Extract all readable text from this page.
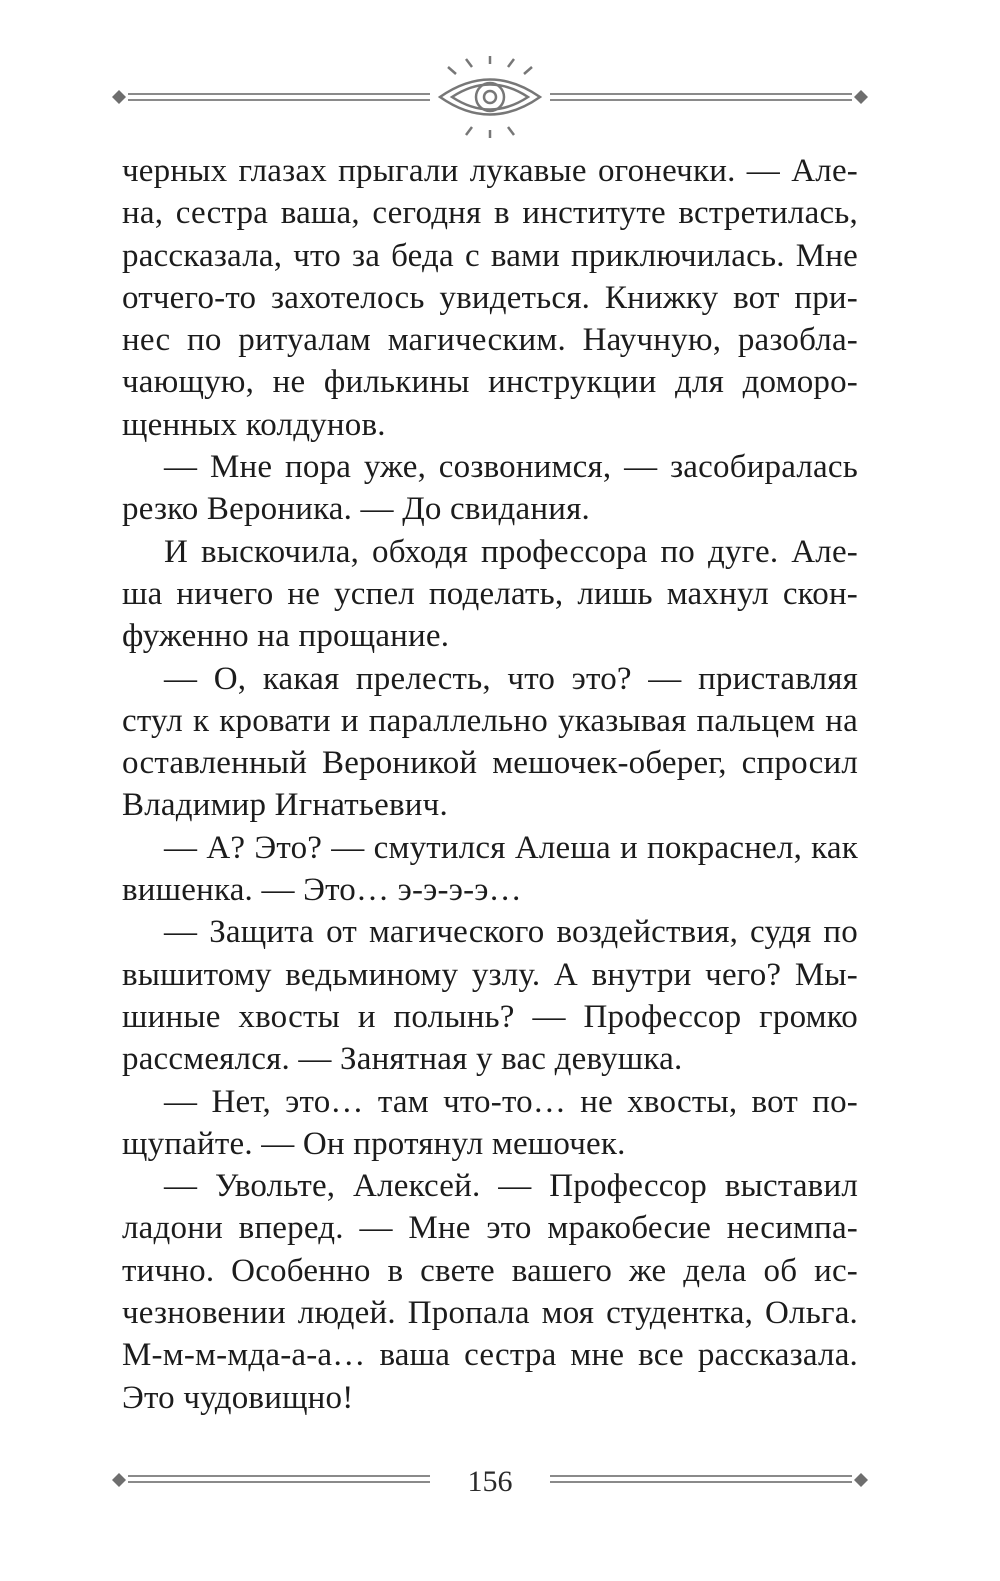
черных глазах прыгали лукавые огонечки. — Але-
на, сестра ваша, сегодня в институте встретилась,
рассказала, что за беда с вами приключилась. Мне
отчего-то захотелось увидеться. Книжку вот при-
нес по ритуалам магическим. Научную, разобла-
чающую, не филькины инструкции для доморо-
щенных колдунов.
— Мне пора уже, созвонимся, — засобиралась
резко Вероника. — До свидания.
И выскочила, обходя профессора по дуге. Але-
ша ничего не успел поделать, лишь махнул скон-
фуженно на прощание.
— О, какая прелесть, что это? — приставляя
стул к кровати и параллельно указывая пальцем на
оставленный Вероникой мешочек-оберег, спросил
Владимир Игнатьевич.
— А? Это? — смутился Алеша и покраснел, как
вишенка. — Это… э-э-э-э…
— Защита от магического воздействия, судя по
вышитому ведьминому узлу. А внутри чего? Мы-
шиные хвосты и полынь? — Профессор громко
рассмеялся. — Занятная у вас девушка.
— Нет, это… там что-то… не хвосты, вот по-
щупайте. — Он протянул мешочек.
— Увольте, Алексей. — Профессор выставил
ладони вперед. — Мне это мракобесие несимпа-
тично. Особенно в свете вашего же дела об ис-
чезновении людей. Пропала моя студентка, Ольга.
М-м-м-мда-а-а… ваша сестра мне все рассказала.
Это чудовищно!
156
